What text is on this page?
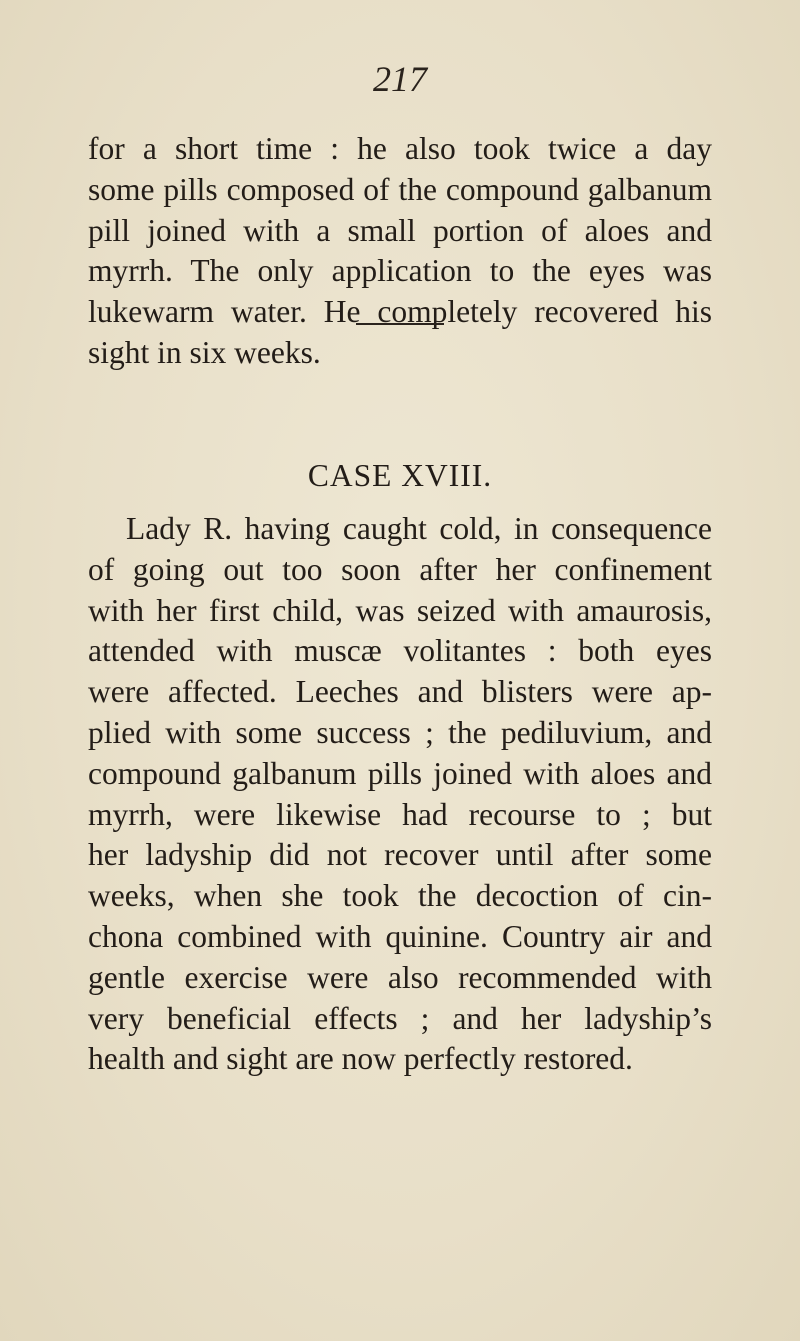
217
for a short time : he also took twice a day
some pills composed of the compound galbanum
pill joined with a small portion of aloes and
myrrh. The only application to the eyes was
lukewarm water. He completely recovered his
sight in six weeks.
CASE XVIII.
Lady R. having caught cold, in consequence
of going out too soon after her confinement
with her first child, was seized with amaurosis,
attended with muscæ volitantes : both eyes
were affected. Leeches and blisters were ap-
plied with some success ; the pediluvium, and
compound galbanum pills joined with aloes and
myrrh, were likewise had recourse to ; but
her ladyship did not recover until after some
weeks, when she took the decoction of cin-
chona combined with quinine. Country air and
gentle exercise were also recommended with
very beneficial effects ; and her ladyship’s
health and sight are now perfectly restored.
